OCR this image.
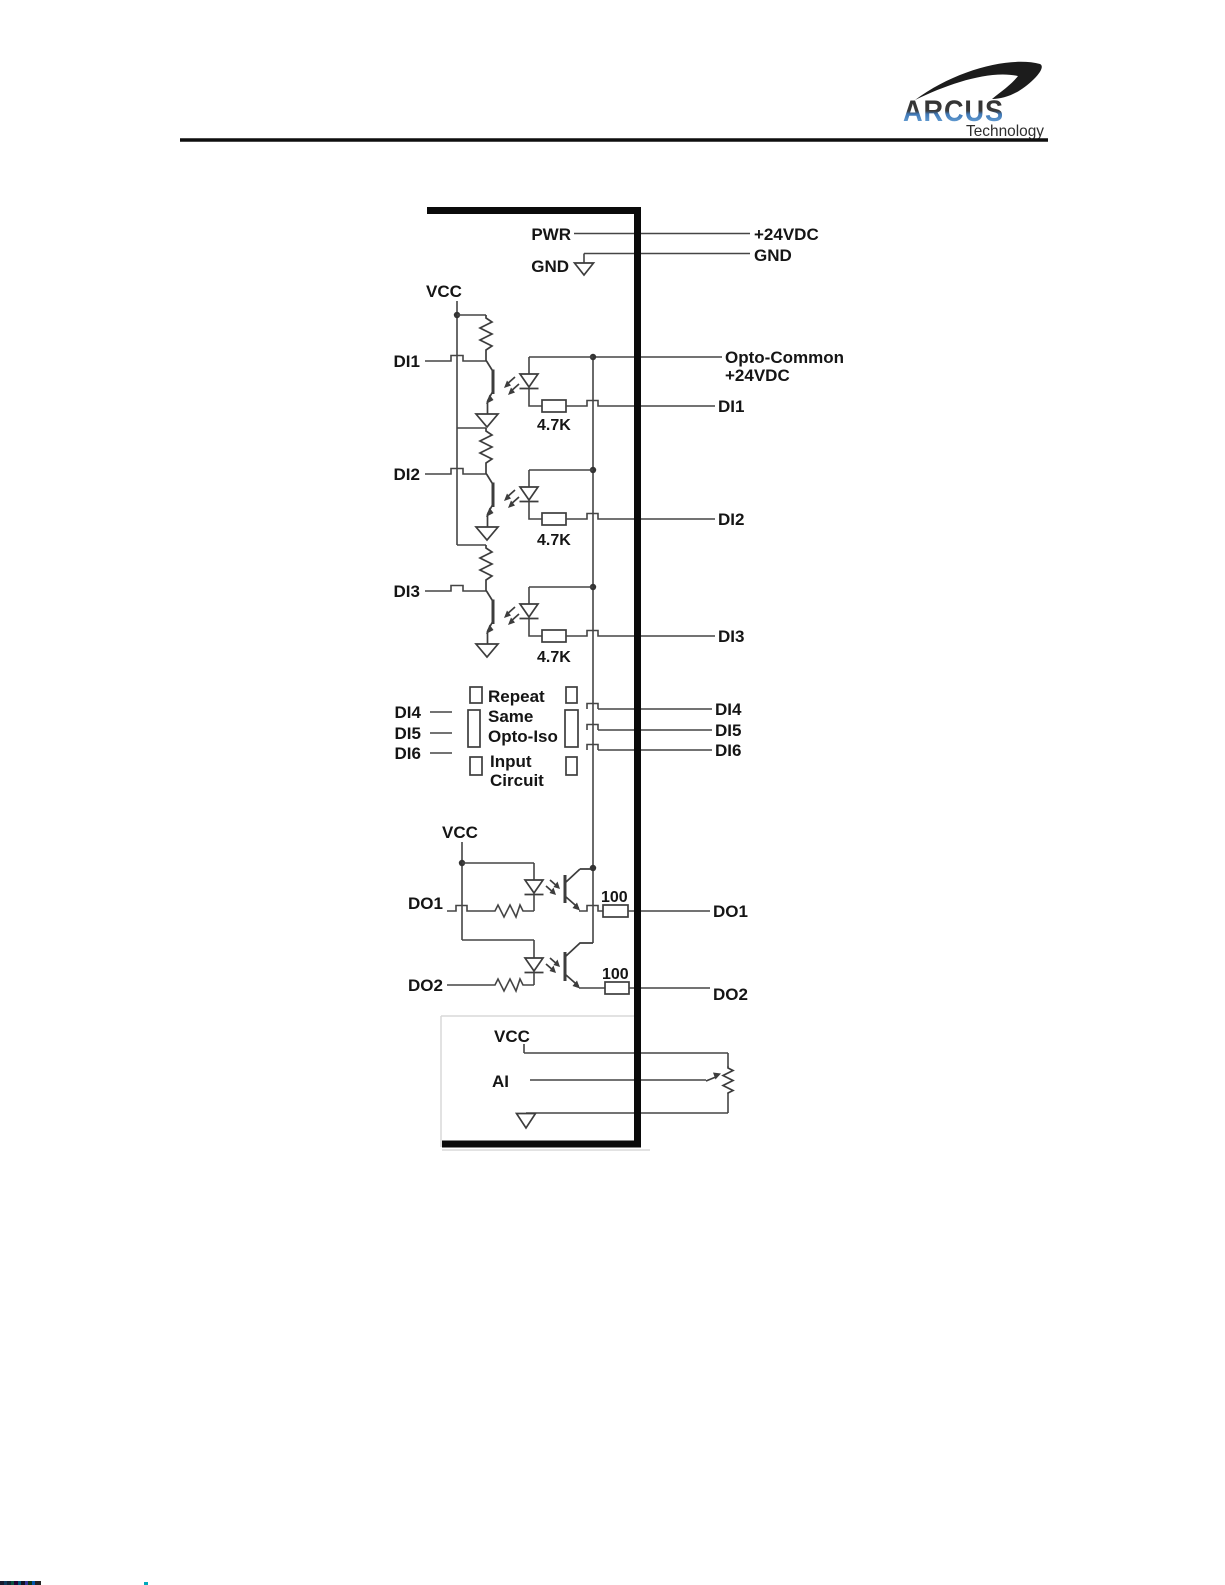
ARCUS
Technology
PWR	+24VDC
GND
GND
VCC
Opto-Common
+24VDC
DI1
DI1
4.7K
DI2
DI2
4.7K
DI3
DI3
4.7K
DI4
DI5
DI6
DI4
DI5
DI6
Repeat
Same
Opto-Iso
Input
Circuit
VCC
DO1	100
DO1
DO2
100
DO2
VCC
AI
